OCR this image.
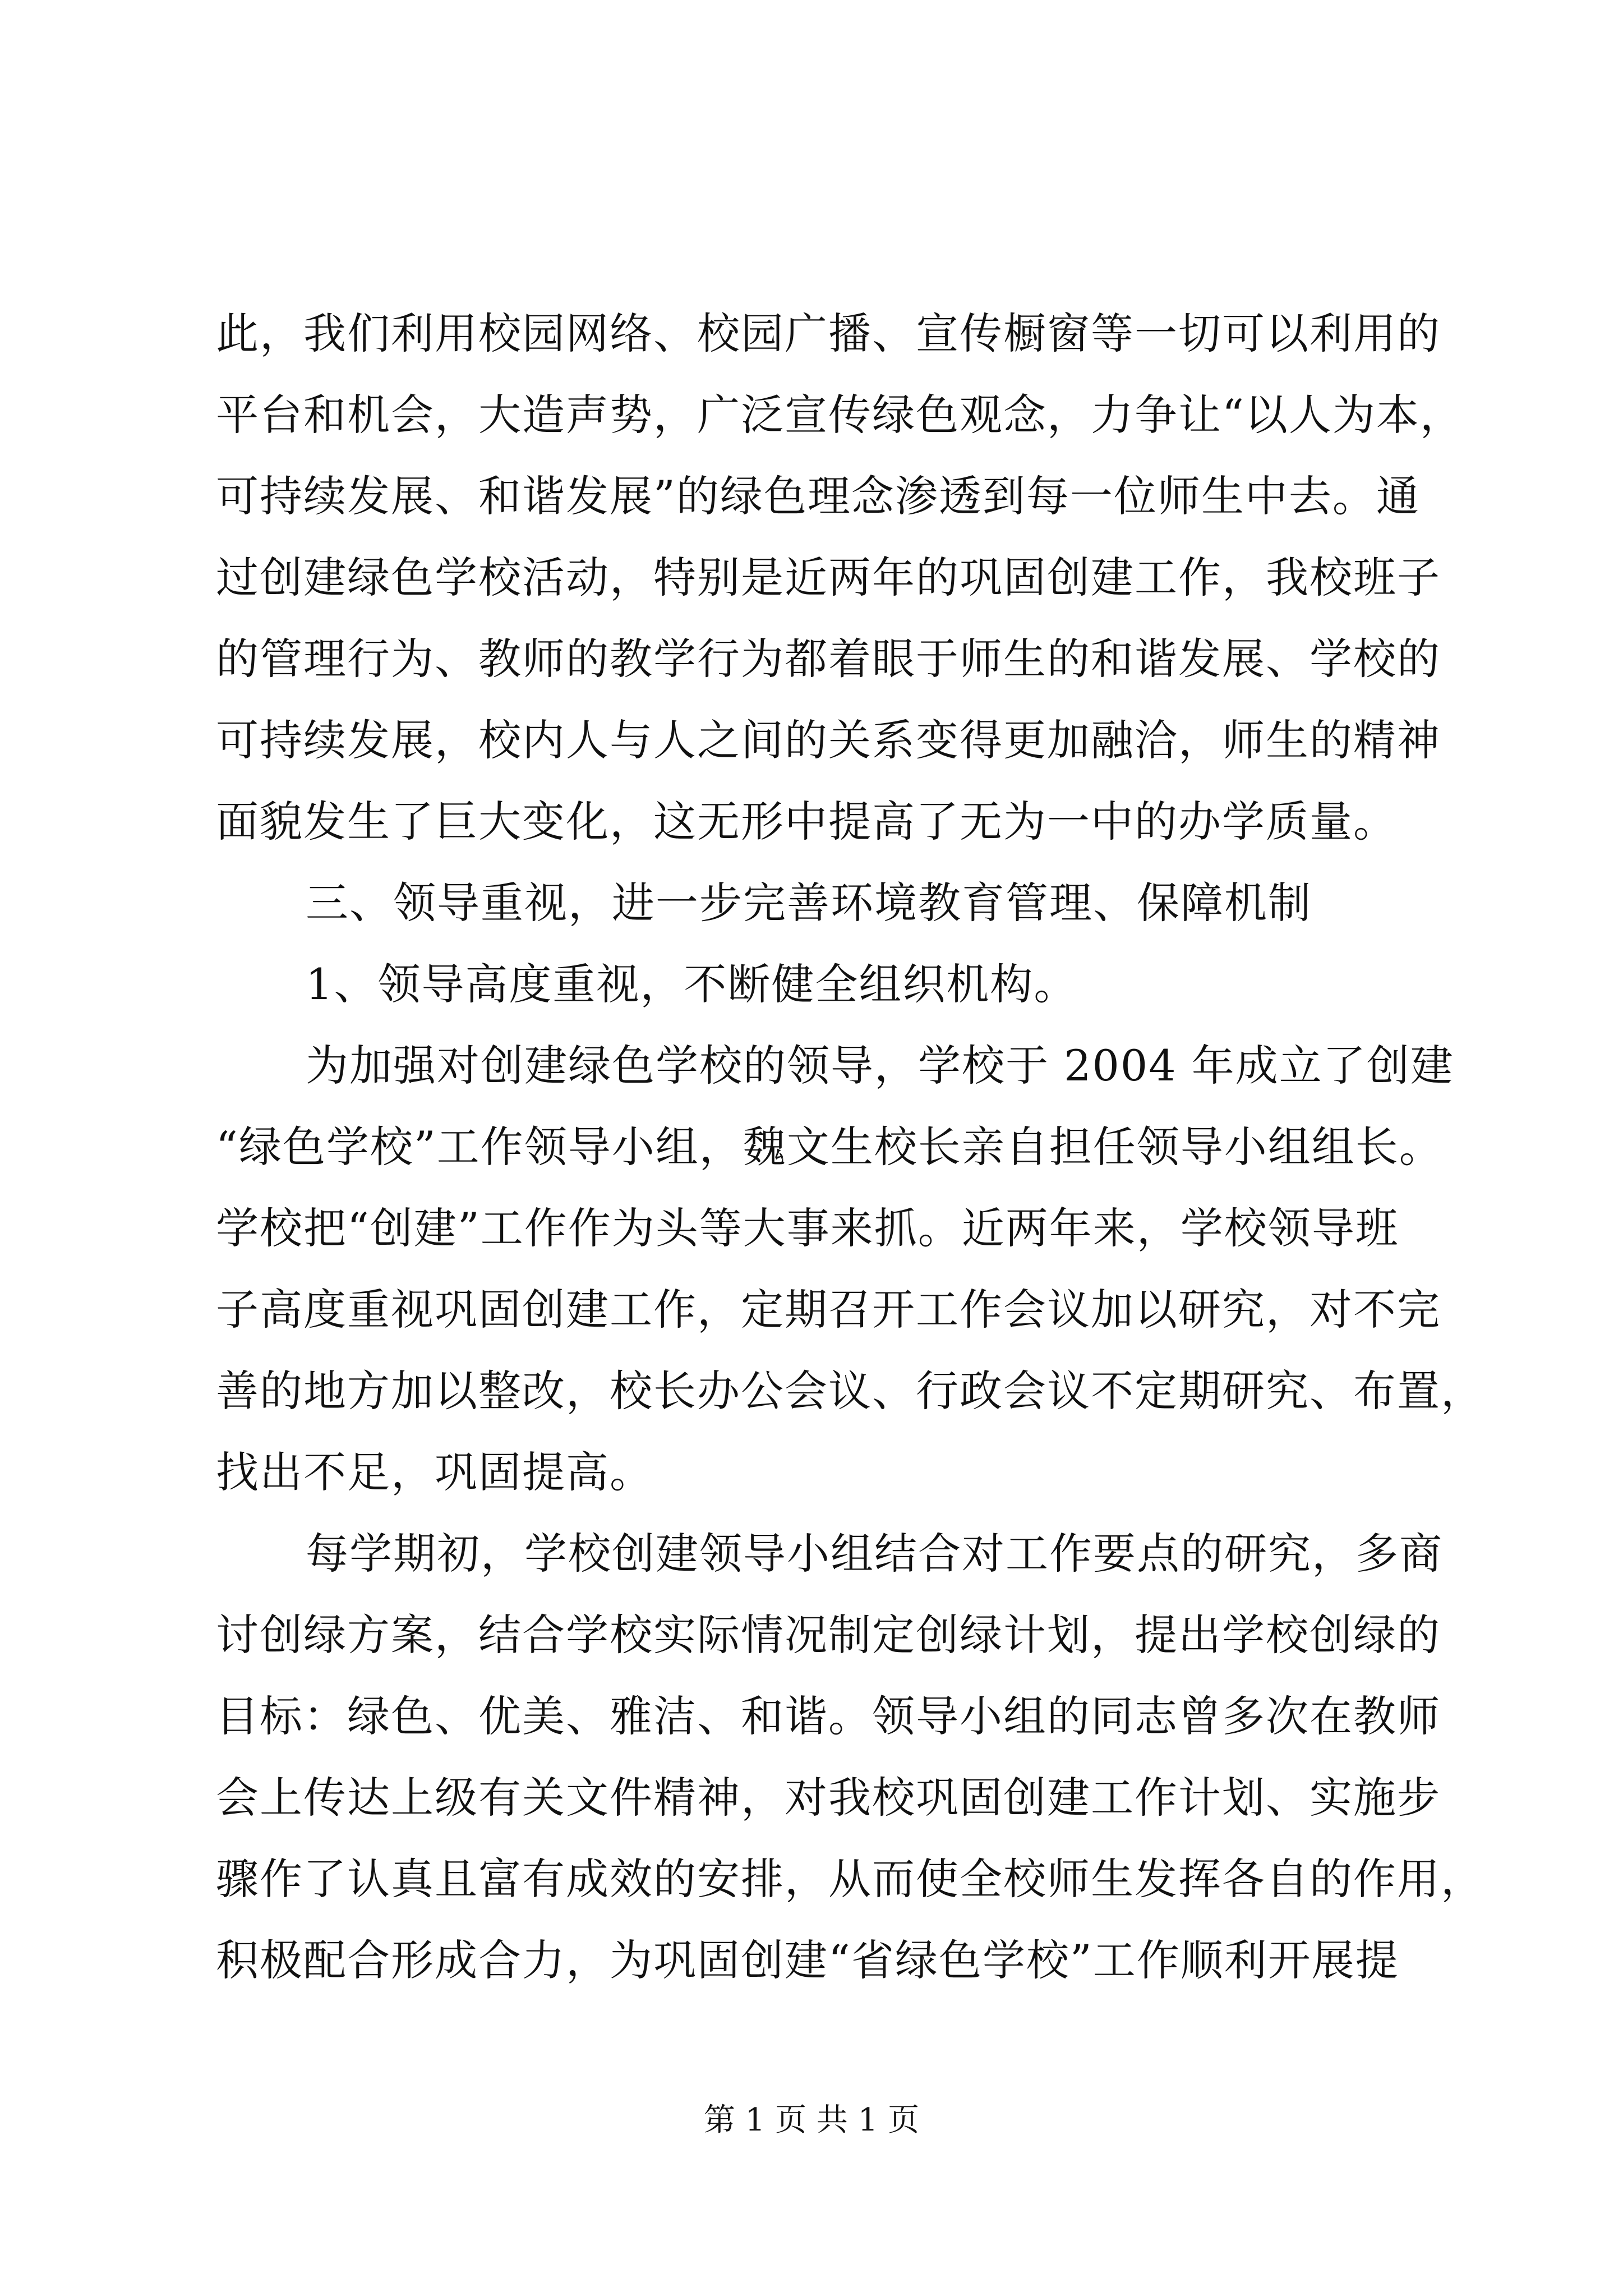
此，我们利用校园网络、校园广播、宣传橱窗等一切可以利用的
平台和机会，大造声势，广泛宣传绿色观念，力争让“以人为本，
可持续发展、和谐发展”的绿色理念渗透到每一位师生中去。通
过创建绿色学校活动，特别是近两年的巩固创建工作，我校班子
的管理行为、教师的教学行为都着眼于师生的和谐发展、学校的
可持续发展，校内人与人之间的关系变得更加融洽，师生的精神
面貌发生了巨大变化，这无形中提高了无为一中的办学质量。
三、领导重视，进一步完善环境教育管理、保障机制
1、领导高度重视，不断健全组织机构。
为加强对创建绿色学校的领导，学校于 2004 年成立了创建
“绿色学校”工作领导小组，魏文生校长亲自担任领导小组组长。
学校把“创建”工作作为头等大事来抓。近两年来，学校领导班
子高度重视巩固创建工作，定期召开工作会议加以研究，对不完
善的地方加以整改，校长办公会议、行政会议不定期研究、布置，
找出不足，巩固提高。
每学期初，学校创建领导小组结合对工作要点的研究，多商
讨创绿方案，结合学校实际情况制定创绿计划，提出学校创绿的
目标：绿色、优美、雅洁、和谐。领导小组的同志曾多次在教师
会上传达上级有关文件精神，对我校巩固创建工作计划、实施步
骤作了认真且富有成效的安排，从而使全校师生发挥各自的作用，
积极配合形成合力，为巩固创建“省绿色学校”工作顺利开展提
第 1 页 共 1 页
